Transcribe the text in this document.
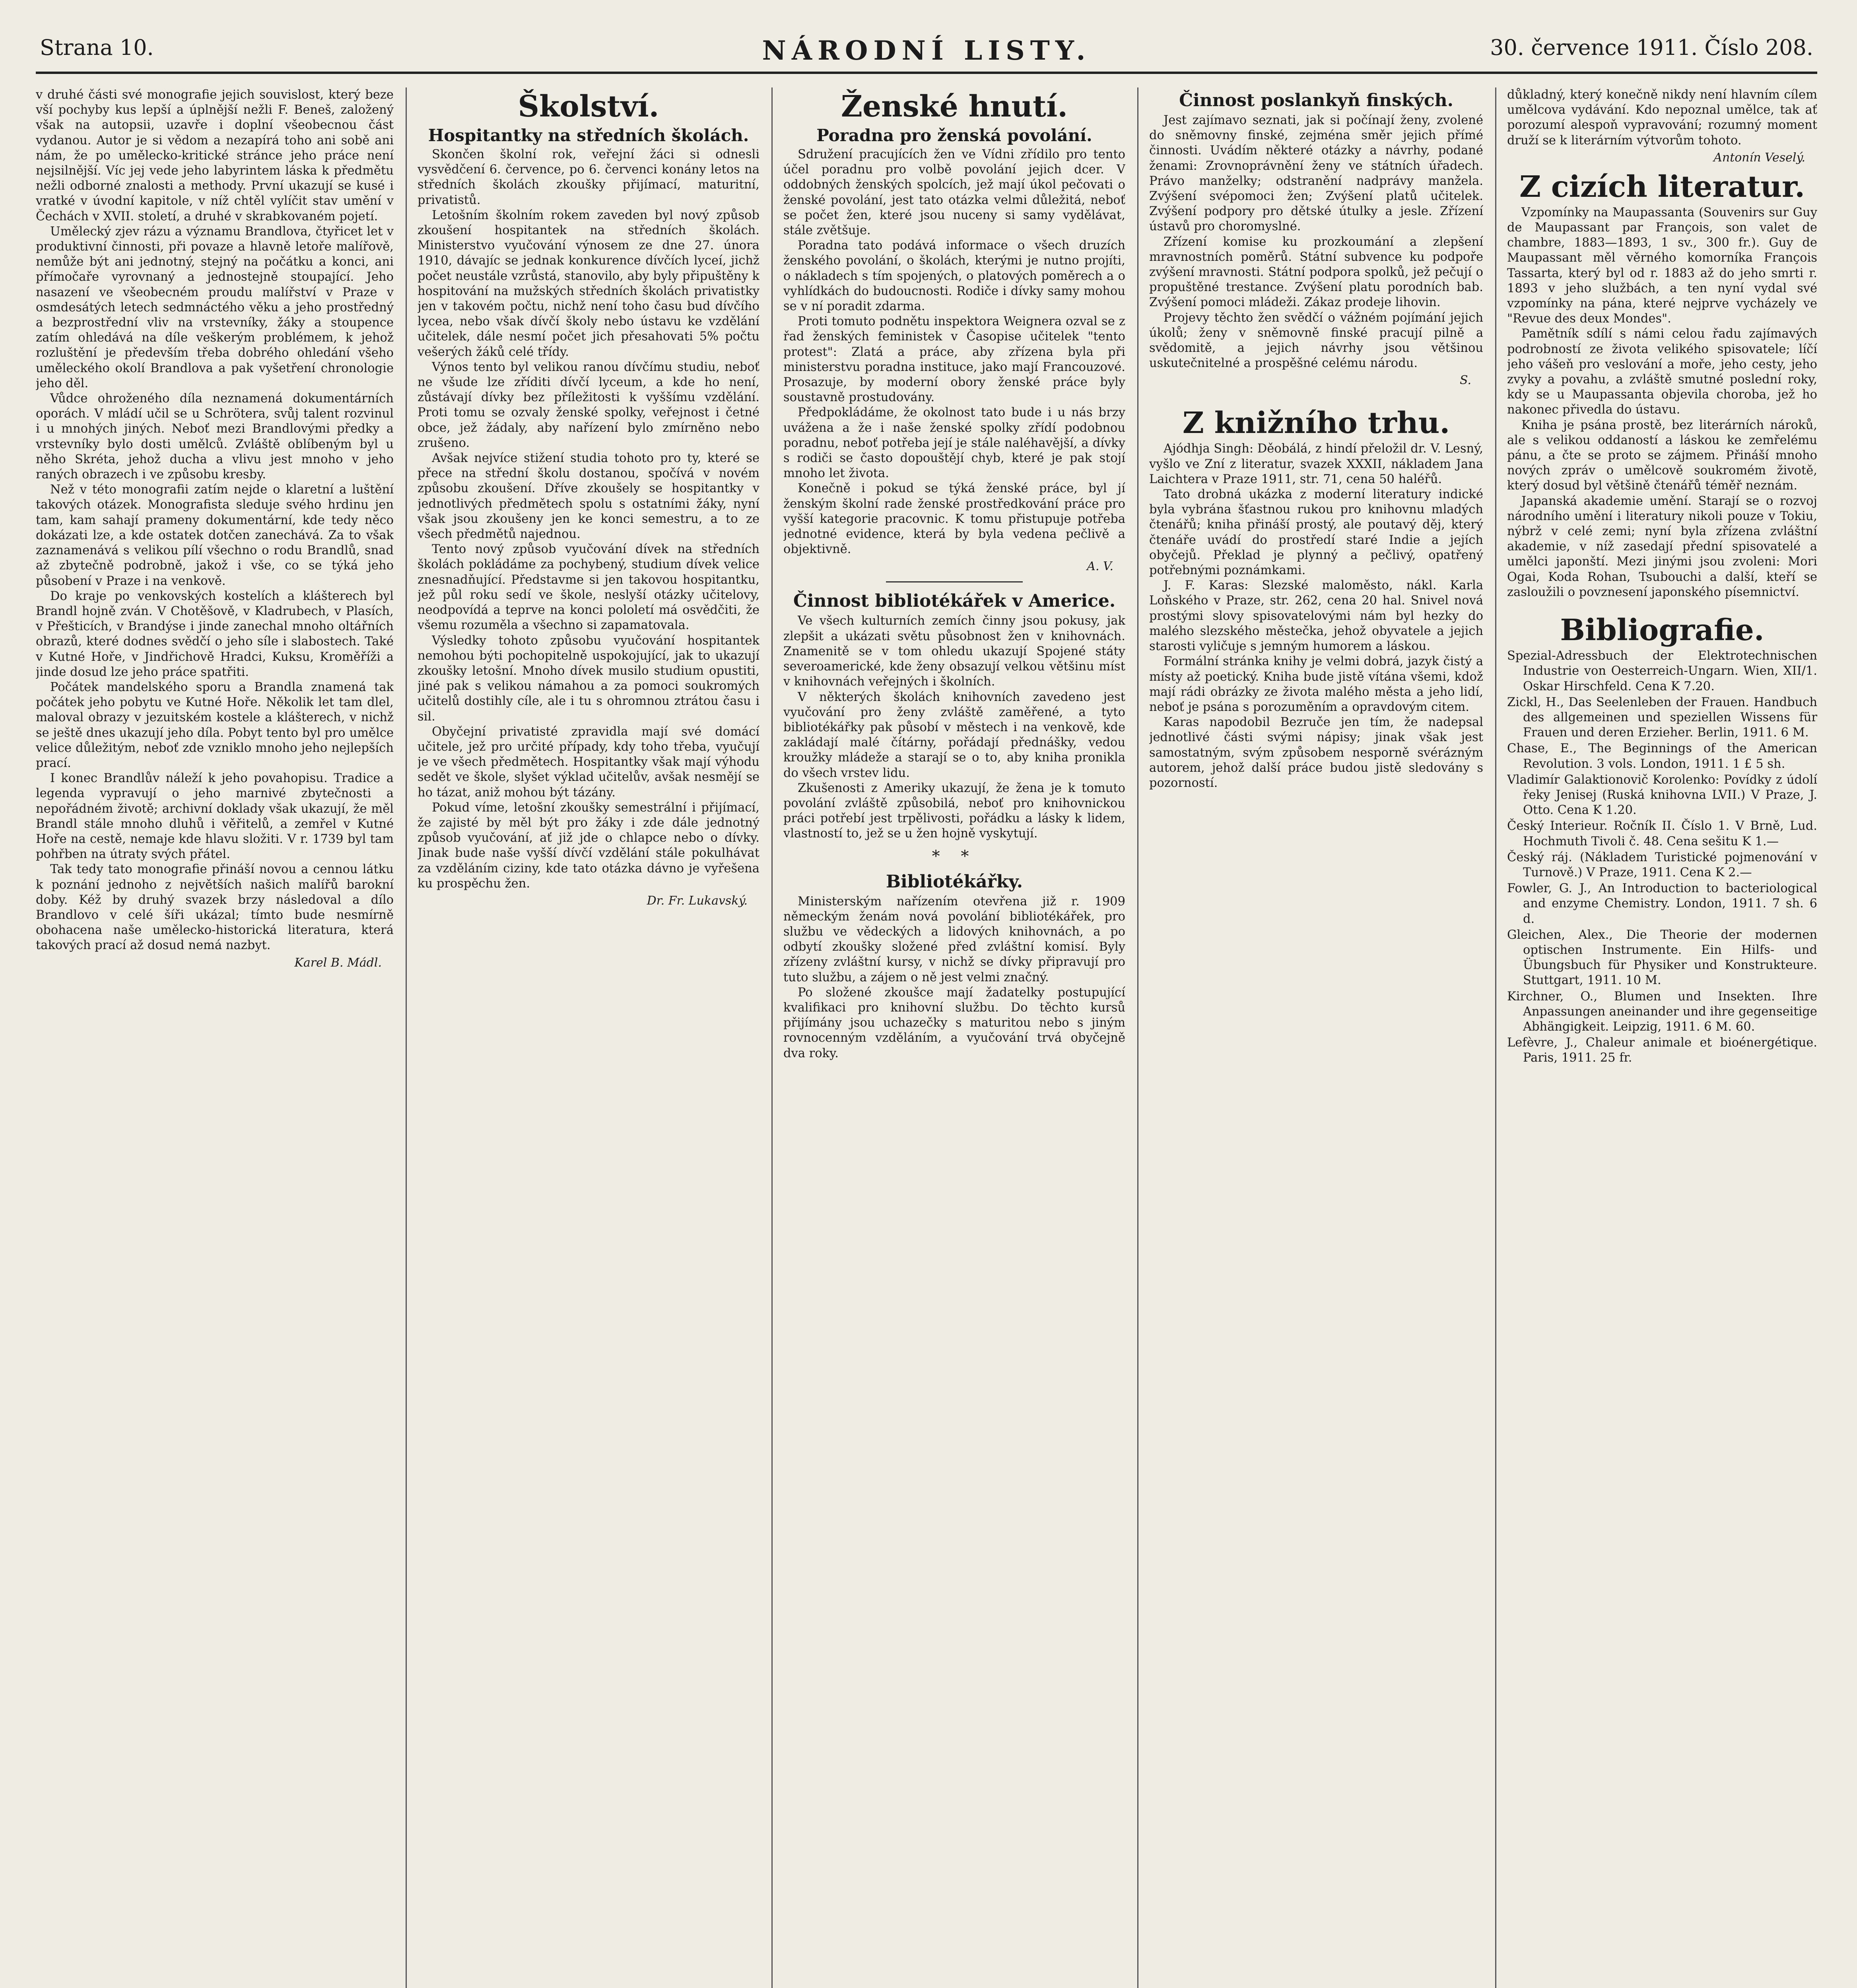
Strana 10.	NÁRODNÍ LISTY.	30. července 1911. Číslo 208.

v druhé části své monografie jejich souvislost, který beze vší pochyby kus lepší a úplnější nežli F. Beneš, založený však na autopsii, uzavře i doplní všeobecnou část vydanou. Autor je si vědom a nezapírá toho ani sobě ani nám, že po umělecko-kritické stránce jeho práce není nejsilnější. Víc jej vede jeho labyrintem láska k předmětu nežli odborné znalosti a methody. První ukazují se kusé i vratké v úvodní kapitole, v níž chtěl vylíčit stav umění v Čechách v XVII. století, a druhé v skrabkovaném pojetí.

Umělecký zjev rázu a významu Brandlova, čtyřicet let v produktivní činnosti, při povaze a hlavně letoře malířově, nemůže být ani jednotný, stejný na počátku a konci, ani přímočaře vyrovnaný a jednostejně stoupající. Jeho nasazení ve všeobecném proudu malířství v Praze v osmdesátých letech sedmnáctého věku a jeho prostředný a bezprostřední vliv na vrstevníky, žáky a stoupence zatím ohledává na díle veškerým problémem, k jehož rozluštění je především třeba dobrého ohledání všeho uměleckého okolí Brandlova a pak vyšetření chronologie jeho děl.

Vůdce ohroženého díla neznamená dokumentárních oporách. V mládí učil se u Schrötera, svůj talent rozvinul i u mnohých jiných. Neboť mezi Brandlovými předky a vrstevníky bylo dosti umělců. Zvláště oblíbeným byl u něho Skréta, jehož ducha a vlivu jest mnoho v jeho raných obrazech i ve způsobu kresby.

Než v této monografii zatím nejde o klaretní a luštění takových otázek. Monografista sleduje svého hrdinu jen tam, kam sahají prameny dokumentární, kde tedy něco dokázati lze, a kde ostatek dotčen zanechává. Za to však zaznamenává s velikou pílí všechno o rodu Brandlů, snad až zbytečně podrobně, jakož i vše, co se týká jeho působení v Praze i na venkově.

Do kraje po venkovských kostelích a klášterech byl Brandl hojně zván. V Chotěšově, v Kladrubech, v Plasích, v Přešticích, v Brandýse i jinde zanechal mnoho oltářních obrazů, které dodnes svědčí o jeho síle i slabostech. Také v Kutné Hoře, v Jindřichově Hradci, Kuksu, Kroměříži a jinde dosud lze jeho práce spatřiti.

Počátek mandelského sporu a Brandla znamená tak počátek jeho pobytu ve Kutné Hoře. Několik let tam dlel, maloval obrazy v jezuitském kostele a klášterech, v nichž se ještě dnes ukazují jeho díla. Pobyt tento byl pro umělce velice důležitým, neboť zde vzniklo mnoho jeho nejlepších prací.

I konec Brandlův náleží k jeho povahopisu. Tradice a legenda vypravují o jeho marnivé zbytečnosti a nepořádném životě; archivní doklady však ukazují, že měl Brandl stále mnoho dluhů i věřitelů, a zemřel v Kutné Hoře na cestě, nemaje kde hlavu složiti. V r. 1739 byl tam pohřben na útraty svých přátel.

Tak tedy tato monografie přináší novou a cennou látku k poznání jednoho z největších našich malířů barokní doby. Kéž by druhý svazek brzy následoval a dílo Brandlovo v celé šíři ukázal; tímto bude nesmírně obohacena naše umělecko-historická literatura, která takových prací až dosud nemá nazbyt.

Karel B. Mádl.
Školství.
Hospitantky na středních školách.

Skončen školní rok, veřejní žáci si odnesli vysvědčení 6. července, po 6. červenci konány letos na středních školách zkoušky přijímací, maturitní, privatistů.

Letošním školním rokem zaveden byl nový způsob zkoušení hospitantek na středních školách. Ministerstvo vyučování výnosem ze dne 27. února 1910, dávajíc se jednak konkurence dívčích lyceí, jichž počet neustále vzrůstá, stanovilo, aby byly připuštěny k hospitování na mužských středních školách privatistky jen v takovém počtu, nichž není toho času bud dívčího lycea, nebo však dívčí školy nebo ústavu ke vzdělání učitelek, dále nesmí počet jich přesahovati 5% počtu vešerých žáků celé třídy.

Výnos tento byl velikou ranou dívčímu studiu, neboť ne všude lze zříditi dívčí lyceum, a kde ho není, zůstávají dívky bez příležitosti k vyššímu vzdělání. Proti tomu se ozvaly ženské spolky, veřejnost i četné obce, jež žádaly, aby nařízení bylo zmírněno nebo zrušeno.

Avšak nejvíce stižení studia tohoto pro ty, které se přece na střední školu dostanou, spočívá v novém způsobu zkoušení. Dříve zkoušely se hospitantky v jednotlivých předmětech spolu s ostatními žáky, nyní však jsou zkoušeny jen ke konci semestru, a to ze všech předmětů najednou.

Tento nový způsob vyučování dívek na středních školách pokládáme za pochybený, studium dívek velice znesnadňující. Představme si jen takovou hospitantku, jež půl roku sedí ve škole, neslyší otázky učitelovy, neodpovídá a teprve na konci pololetí má osvědčiti, že všemu rozuměla a všechno si zapamatovala.

Výsledky tohoto způsobu vyučování hospitantek nemohou býti pochopitelně uspokojující, jak to ukazují zkoušky letošní. Mnoho dívek musilo studium opustiti, jiné pak s velikou námahou a za pomoci soukromých učitelů dostihly cíle, ale i tu s ohromnou ztrátou času i sil.

Obyčejní privatisté zpravidla mají své domácí učitele, jež pro určité případy, kdy toho třeba, vyučují je ve všech předmětech. Hospitantky však mají výhodu sedět ve škole, slyšet výklad učitelův, avšak nesmějí se ho tázat, aniž mohou být tázány.

Pokud víme, letošní zkoušky semestrální i přijímací, že zajisté by měl být pro žáky i zde dále jednotný způsob vyučování, ať již jde o chlapce nebo o dívky. Jinak bude naše vyšší dívčí vzdělání stále pokulhávat za vzděláním ciziny, kde tato otázka dávno je vyřešena ku prospěchu žen.

Dr. Fr. Lukavský.
Ženské hnutí.
Poradna pro ženská povolání.

Sdružení pracujících žen ve Vídni zřídilo pro tento účel poradnu pro volbě povolání jejich dcer. V oddobných ženských spolcích, jež mají úkol pečovati o ženské povolání, jest tato otázka velmi důležitá, neboť se počet žen, které jsou nuceny si samy vydělávat, stále zvětšuje.

Poradna tato podává informace o všech druzích ženského povolání, o školách, kterými je nutno projíti, o nákladech s tím spojených, o platových poměrech a o vyhlídkách do budoucnosti. Rodiče i dívky samy mohou se v ní poradit zdarma.

Proti tomuto podnětu inspektora Weignera ozval se z řad ženských feministek v Časopise učitelek "tento protest": Zlatá a práce, aby zřízena byla při ministerstvu poradna instituce, jako mají Francouzové. Prosazuje, by moderní obory ženské práce byly soustavně prostudovány.

Předpokládáme, že okolnost tato bude i u nás brzy uvážena a že i naše ženské spolky zřídí podobnou poradnu, neboť potřeba její je stále naléhavější, a dívky s rodiči se často dopouštějí chyb, které je pak stojí mnoho let života.

Konečně i pokud se týká ženské práce, byl jí ženským školní rade ženské prostředkování práce pro vyšší kategorie pracovnic. K tomu přistupuje potřeba jednotné evidence, která by byla vedena pečlivě a objektivně.

A. V.
Činnost bibliotékářek v Americe.

Ve všech kulturních zemích činny jsou pokusy, jak zlepšit a ukázati světu působnost žen v knihovnách. Znamenitě se v tom ohledu ukazují Spojené státy severoamerické, kde ženy obsazují velkou většinu míst v knihovnách veřejných i školních.

V některých školách knihovních zavedeno jest vyučování pro ženy zvláště zaměřené, a tyto bibliotékářky pak působí v městech i na venkově, kde zakládají malé čítárny, pořádají přednášky, vedou kroužky mládeže a starají se o to, aby kniha pronikla do všech vrstev lidu.

Zkušenosti z Ameriky ukazují, že žena je k tomuto povolání zvláště způsobilá, neboť pro knihovnickou práci potřebí jest trpělivosti, pořádku a lásky k lidem, vlastností to, jež se u žen hojně vyskytují.

* *
Bibliotékářky.

Ministerským nařízením otevřena již r. 1909 německým ženám nová povolání bibliotékářek, pro službu ve vědeckých a lidových knihovnách, a po odbytí zkoušky složené před zvláštní komisí. Byly zřízeny zvláštní kursy, v nichž se dívky připravují pro tuto službu, a zájem o ně jest velmi značný.

Po složené zkoušce mají žadatelky postupující kvalifikaci pro knihovní službu. Do těchto kursů přijímány jsou uchazečky s maturitou nebo s jiným rovnocenným vzděláním, a vyučování trvá obyčejně dva roky.

Činnost poslankyň finských.

Jest zajímavo seznati, jak si počínají ženy, zvolené do sněmovny finské, zejména směr jejich přímé činnosti. Uvádím některé otázky a návrhy, podané ženami: Zrovnoprávnění ženy ve státních úřadech. Právo manželky; odstranění nadprávy manžela. Zvýšení svépomoci žen; Zvýšení platů učitelek. Zvýšení podpory pro dětské útulky a jesle. Zřízení ústavů pro choromyslné.

Zřízení komise ku prozkoumání a zlepšení mravnostních poměrů. Státní subvence ku podpoře zvýšení mravnosti. Státní podpora spolků, jež pečují o propuštěné trestance. Zvýšení platu porodních bab. Zvýšení pomoci mládeži. Zákaz prodeje lihovin.

Projevy těchto žen svědčí o vážném pojímání jejich úkolů; ženy v sněmovně finské pracují pilně a svědomitě, a jejich návrhy jsou většinou uskutečnitelné a prospěšné celému národu.

S.
Z knižního trhu.

Ajódhja Singh: Děobálá, z hindí přeložil dr. V. Lesný, vyšlo ve Zní z literatur, svazek XXXII, nákladem Jana Laichtera v Praze 1911, str. 71, cena 50 haléřů.

Tato drobná ukázka z moderní literatury indické byla vybrána šťastnou rukou pro knihovnu mladých čtenářů; kniha přináší prostý, ale poutavý děj, který čtenáře uvádí do prostředí staré Indie a jejích obyčejů. Překlad je plynný a pečlivý, opatřený potřebnými poznámkami.

J. F. Karas: Slezské maloměsto, nákl. Karla Loňského v Praze, str. 262, cena 20 hal. Snivel nová prostými slovy spisovatelovými nám byl hezky do malého slezského městečka, jehož obyvatele a jejich starosti vyličuje s jemným humorem a láskou.

Formální stránka knihy je velmi dobrá, jazyk čistý a místy až poetický. Kniha bude jistě vítána všemi, kdož mají rádi obrázky ze života malého města a jeho lidí, neboť je psána s porozuměním a opravdovým citem.

Karas napodobil Bezruče jen tím, že nadepsal jednotlivé části svými nápisy; jinak však jest samostatným, svým způsobem nesporně svérázným autorem, jehož další práce budou jistě sledovány s pozorností.

důkladný, který konečně nikdy není hlavním cílem umělcova vydávání. Kdo nepoznal umělce, tak ať porozumí alespoň vypravování; rozumný moment druží se k literárním výtvorům tohoto.

Antonín Veselý.
Z cizích literatur.

Vzpomínky na Maupassanta (Souvenirs sur Guy de Maupassant par François, son valet de chambre, 1883—1893, 1 sv., 300 fr.). Guy de Maupassant měl věrného komorníka François Tassarta, který byl od r. 1883 až do jeho smrti r. 1893 v jeho službách, a ten nyní vydal své vzpomínky na pána, které nejprve vycházely ve "Revue des deux Mondes".

Pamětník sdílí s námi celou řadu zajímavých podrobností ze života velikého spisovatele; líčí jeho vášeň pro veslování a moře, jeho cesty, jeho zvyky a povahu, a zvláště smutné poslední roky, kdy se u Maupassanta objevila choroba, jež ho nakonec přivedla do ústavu.

Kniha je psána prostě, bez literárních nároků, ale s velikou oddaností a láskou ke zemřelému pánu, a čte se proto se zájmem. Přináší mnoho nových zpráv o umělcově soukromém životě, který dosud byl většině čtenářů téměř neznám.

Japanská akademie umění. Starají se o rozvoj národního umění i literatury nikoli pouze v Tokiu, nýbrž v celé zemi; nyní byla zřízena zvláštní akademie, v níž zasedají přední spisovatelé a umělci japonští. Mezi jinými jsou zvoleni: Mori Ogai, Koda Rohan, Tsubouchi a další, kteří se zasloužili o povznesení japonského písemnictví.

Bibliografie.

Spezial-Adressbuch der Elektrotechnischen Industrie von Oesterreich-Ungarn. Wien, XII/1. Oskar Hirschfeld. Cena K 7.20.

Zickl, H., Das Seelenleben der Frauen. Handbuch des allgemeinen und speziellen Wissens für Frauen und deren Erzieher. Berlin, 1911. 6 M.

Chase, E., The Beginnings of the American Revolution. 3 vols. London, 1911. 1 £ 5 sh.

Vladimír Galaktionovič Korolenko: Povídky z údolí řeky Jenisej (Ruská knihovna LVII.) V Praze, J. Otto. Cena K 1.20.

Český Interieur. Ročník II. Číslo 1. V Brně, Lud. Hochmuth Tivoli č. 48. Cena sešitu K 1.—

Český ráj. (Nákladem Turistické pojmenování v Turnově.) V Praze, 1911. Cena K 2.—

Fowler, G. J., An Introduction to bacteriological and enzyme Chemistry. London, 1911. 7 sh. 6 d.

Gleichen, Alex., Die Theorie der modernen optischen Instrumente. Ein Hilfs- und Übungsbuch für Physiker und Konstrukteure. Stuttgart, 1911. 10 M.

Kirchner, O., Blumen und Insekten. Ihre Anpassungen aneinander und ihre gegenseitige Abhängigkeit. Leipzig, 1911. 6 M. 60.

Lefèvre, J., Chaleur animale et bioénergétique. Paris, 1911. 25 fr.
